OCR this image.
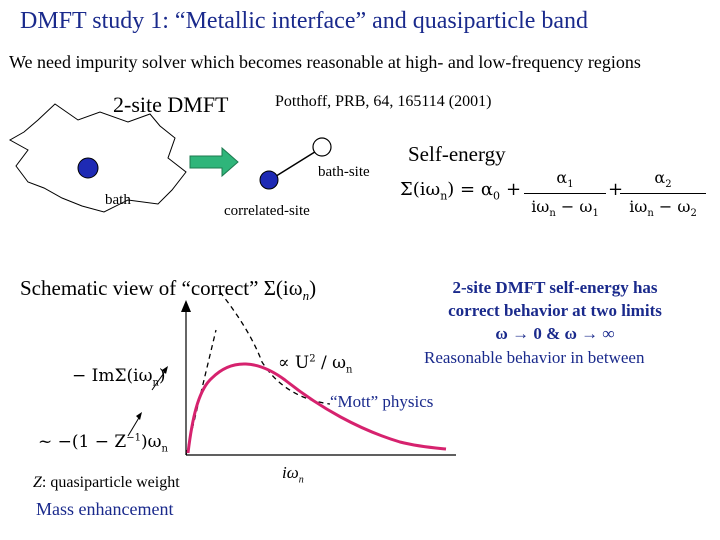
DMFT study 1: “Metallic interface” and quasiparticle band
We need impurity solver which becomes reasonable at high- and low-frequency regions
2-site DMFT	Potthoff, PRB, 64, 165114 (2001)
bath
bath-site
correlated-site
Self-energy
$\Sigma(i\omega_n) = \alpha_0$ +
$\alpha_1$
$i\omega_n - \omega_1$
+
$\alpha_2$
$i\omega_n - \omega_2$
Schematic view of “correct” $\Sigma(i\omega_n)$	2-site DMFT self-energy has
correct behavior at two limits
ω → 0 & ω → ∞
Reasonable behavior in between
∝ $U^2 / \omega_n$
− $Im\Sigma(i\omega_n)$
“Mott” physics
~ $-(1 - Z^{-1})\omega_n$
$i\omega_n$
Z: quasiparticle weight
Mass enhancement
